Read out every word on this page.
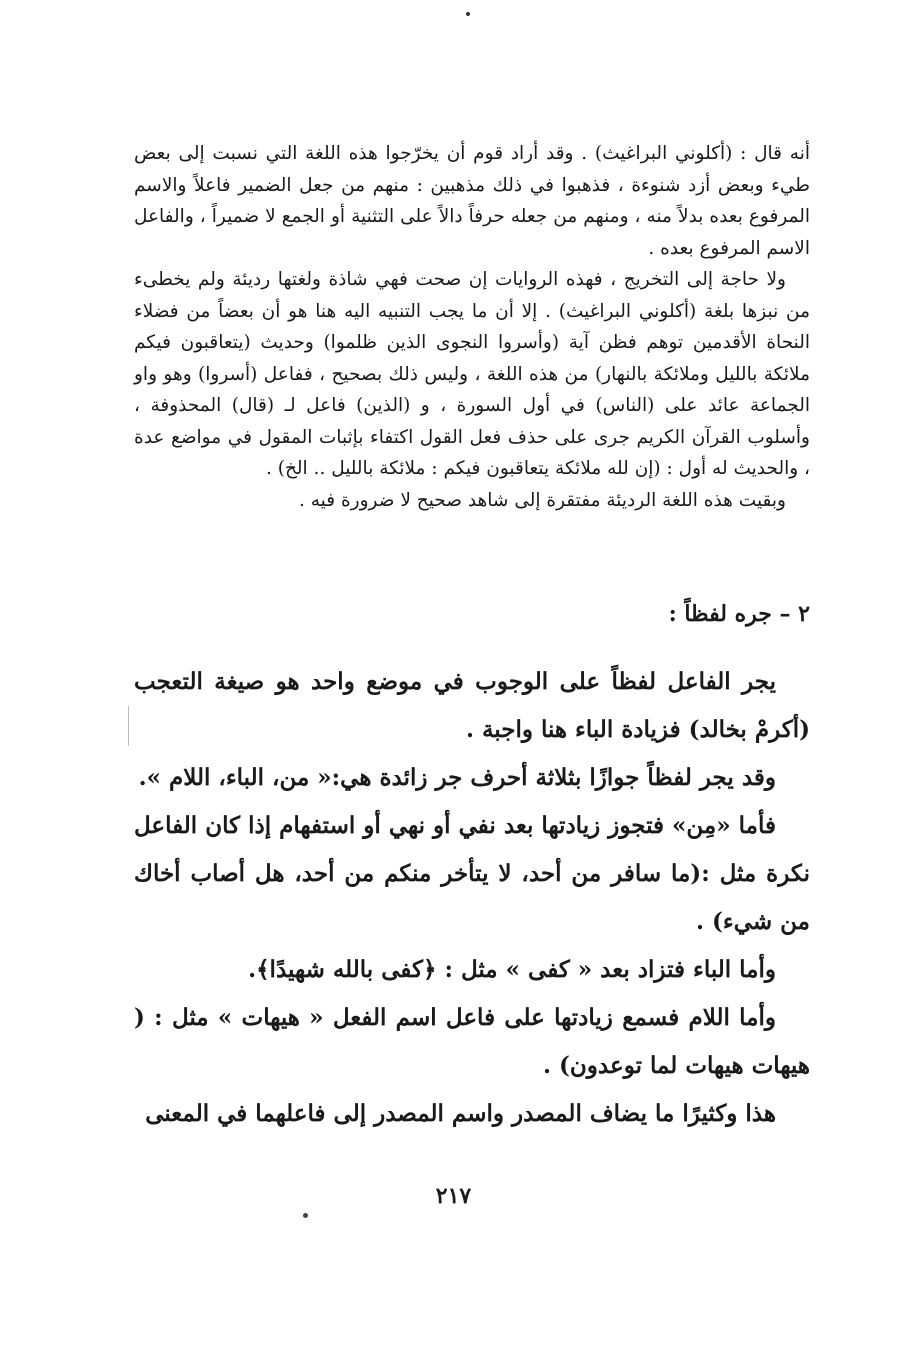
أنه قال : (أكلوني البراغيث) . وقد أراد قوم أن يخرّجوا هذه اللغة التي نسبت إلى بعض طيء وبعض أزد شنوءة ، فذهبوا في ذلك مذهبين : منهم من جعل الضمير فاعلاً والاسم المرفوع بعده بدلاً منه ، ومنهم من جعله حرفاً دالاً على التثنية أو الجمع لا ضميراً ، والفاعل الاسم المرفوع بعده .

ولا حاجة إلى التخريج ، فهذه الروايات إن صحت فهي شاذة ولغتها رديئة ولم يخطىء من نبزها بلغة (أكلوني البراغيث) . إلا أن ما يجب التنبيه اليه هنا هو أن بعضاً من فضلاء النحاة الأقدمين توهم فظن آية (وأسروا النجوى الذين ظلموا) وحديث (يتعاقبون فيكم ملائكة بالليل وملائكة بالنهار) من هذه اللغة ، وليس ذلك بصحيح ، ففاعل (أسروا) وهو واو الجماعة عائد على (الناس) في أول السورة ، و (الذين) فاعل لـ (قال) المحذوفة ، وأسلوب القرآن الكريم جرى على حذف فعل القول اكتفاء بإثبات المقول في مواضع عدة ، والحديث له أول : (إن لله ملائكة يتعاقبون فيكم : ملائكة بالليل .. الخ) .

وبقيت هذه اللغة الرديئة مفتقرة إلى شاهد صحيح لا ضرورة فيه .

٢ – جره لفظاً :

يجر الفاعل لفظاً على الوجوب في موضع واحد هو صيغة التعجب (أكرمْ بخالد) فزيادة الباء هنا واجبة .

وقد يجر لفظاً جوازًا بثلاثة أحرف جر زائدة هي:« من، الباء، اللام ».

فأما «مِن» فتجوز زيادتها بعد نفي أو نهي أو استفهام إذا كان الفاعل نكرة مثل :(ما سافر من أحد، لا يتأخر منكم من أحد، هل أصاب أخاك من شيء) .

وأما الباء فتزاد بعد « كفى » مثل : ﴿كفى بالله شهيدًا﴾.

وأما اللام فسمع زيادتها على فاعل اسم الفعل « هيهات » مثل : ( هيهات هيهات لما توعدون) .

هذا وكثيرًا ما يضاف المصدر واسم المصدر إلى فاعلهما في المعنى

٢١٧
